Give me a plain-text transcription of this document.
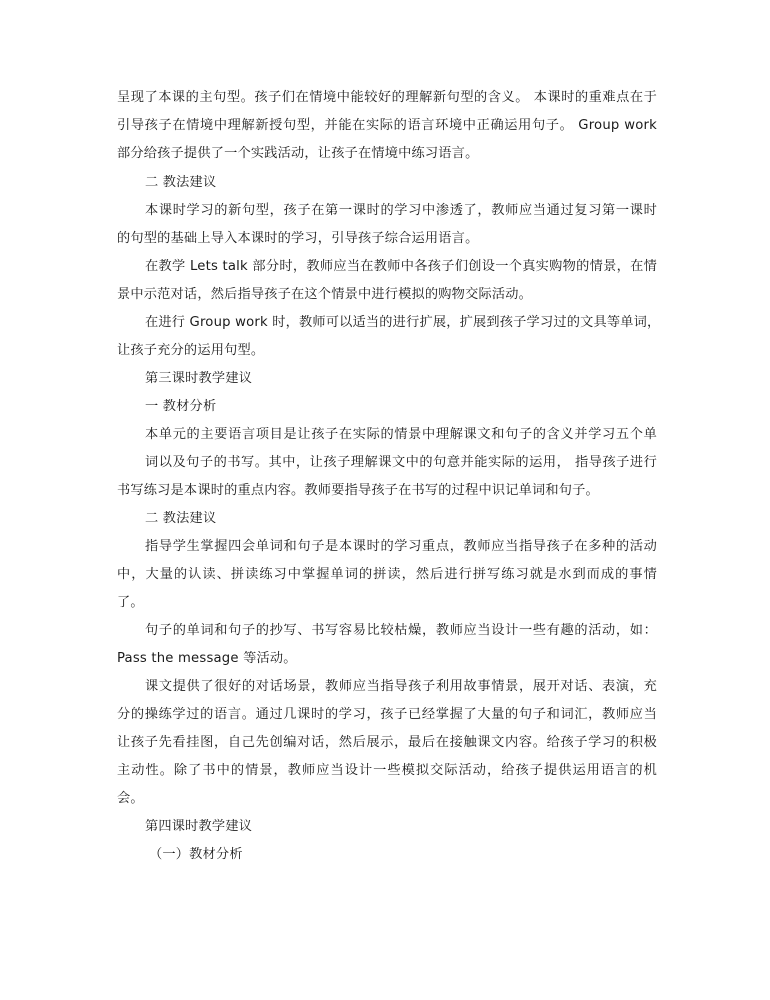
呈现了本课的主句型。孩子们在情境中能较好的理解新句型的含义。 本课时的重难点在于
引导孩子在情境中理解新授句型，并能在实际的语言环境中正确运用句子。 Group work
部分给孩子提供了一个实践活动，让孩子在情境中练习语言。
二 教法建议
本课时学习的新句型，孩子在第一课时的学习中渗透了，教师应当通过复习第一课时
的句型的基础上导入本课时的学习，引导孩子综合运用语言。
在教学 Lets talk 部分时，教师应当在教师中各孩子们创设一个真实购物的情景，在情
景中示范对话，然后指导孩子在这个情景中进行模拟的购物交际活动。
在进行 Group work 时，教师可以适当的进行扩展，扩展到孩子学习过的文具等单词，
让孩子充分的运用句型。
第三课时教学建议
一 教材分析
本单元的主要语言项目是让孩子在实际的情景中理解课文和句子的含义并学习五个单
词以及句子的书写。其中，让孩子理解课文中的句意并能实际的运用， 指导孩子进行
书写练习是本课时的重点内容。教师要指导孩子在书写的过程中识记单词和句子。
二 教法建议
指导学生掌握四会单词和句子是本课时的学习重点，教师应当指导孩子在多种的活动
中，大量的认读、拼读练习中掌握单词的拼读，然后进行拼写练习就是水到而成的事情
了。
句子的单词和句子的抄写、书写容易比较枯燥，教师应当设计一些有趣的活动，如：
Pass the message 等活动。
课文提供了很好的对话场景，教师应当指导孩子利用故事情景，展开对话、表演，充
分的操练学过的语言。通过几课时的学习，孩子已经掌握了大量的句子和词汇，教师应当
让孩子先看挂图，自己先创编对话，然后展示，最后在接触课文内容。给孩子学习的积极
主动性。除了书中的情景，教师应当设计一些模拟交际活动，给孩子提供运用语言的机
会。
第四课时教学建议
（一）教材分析
